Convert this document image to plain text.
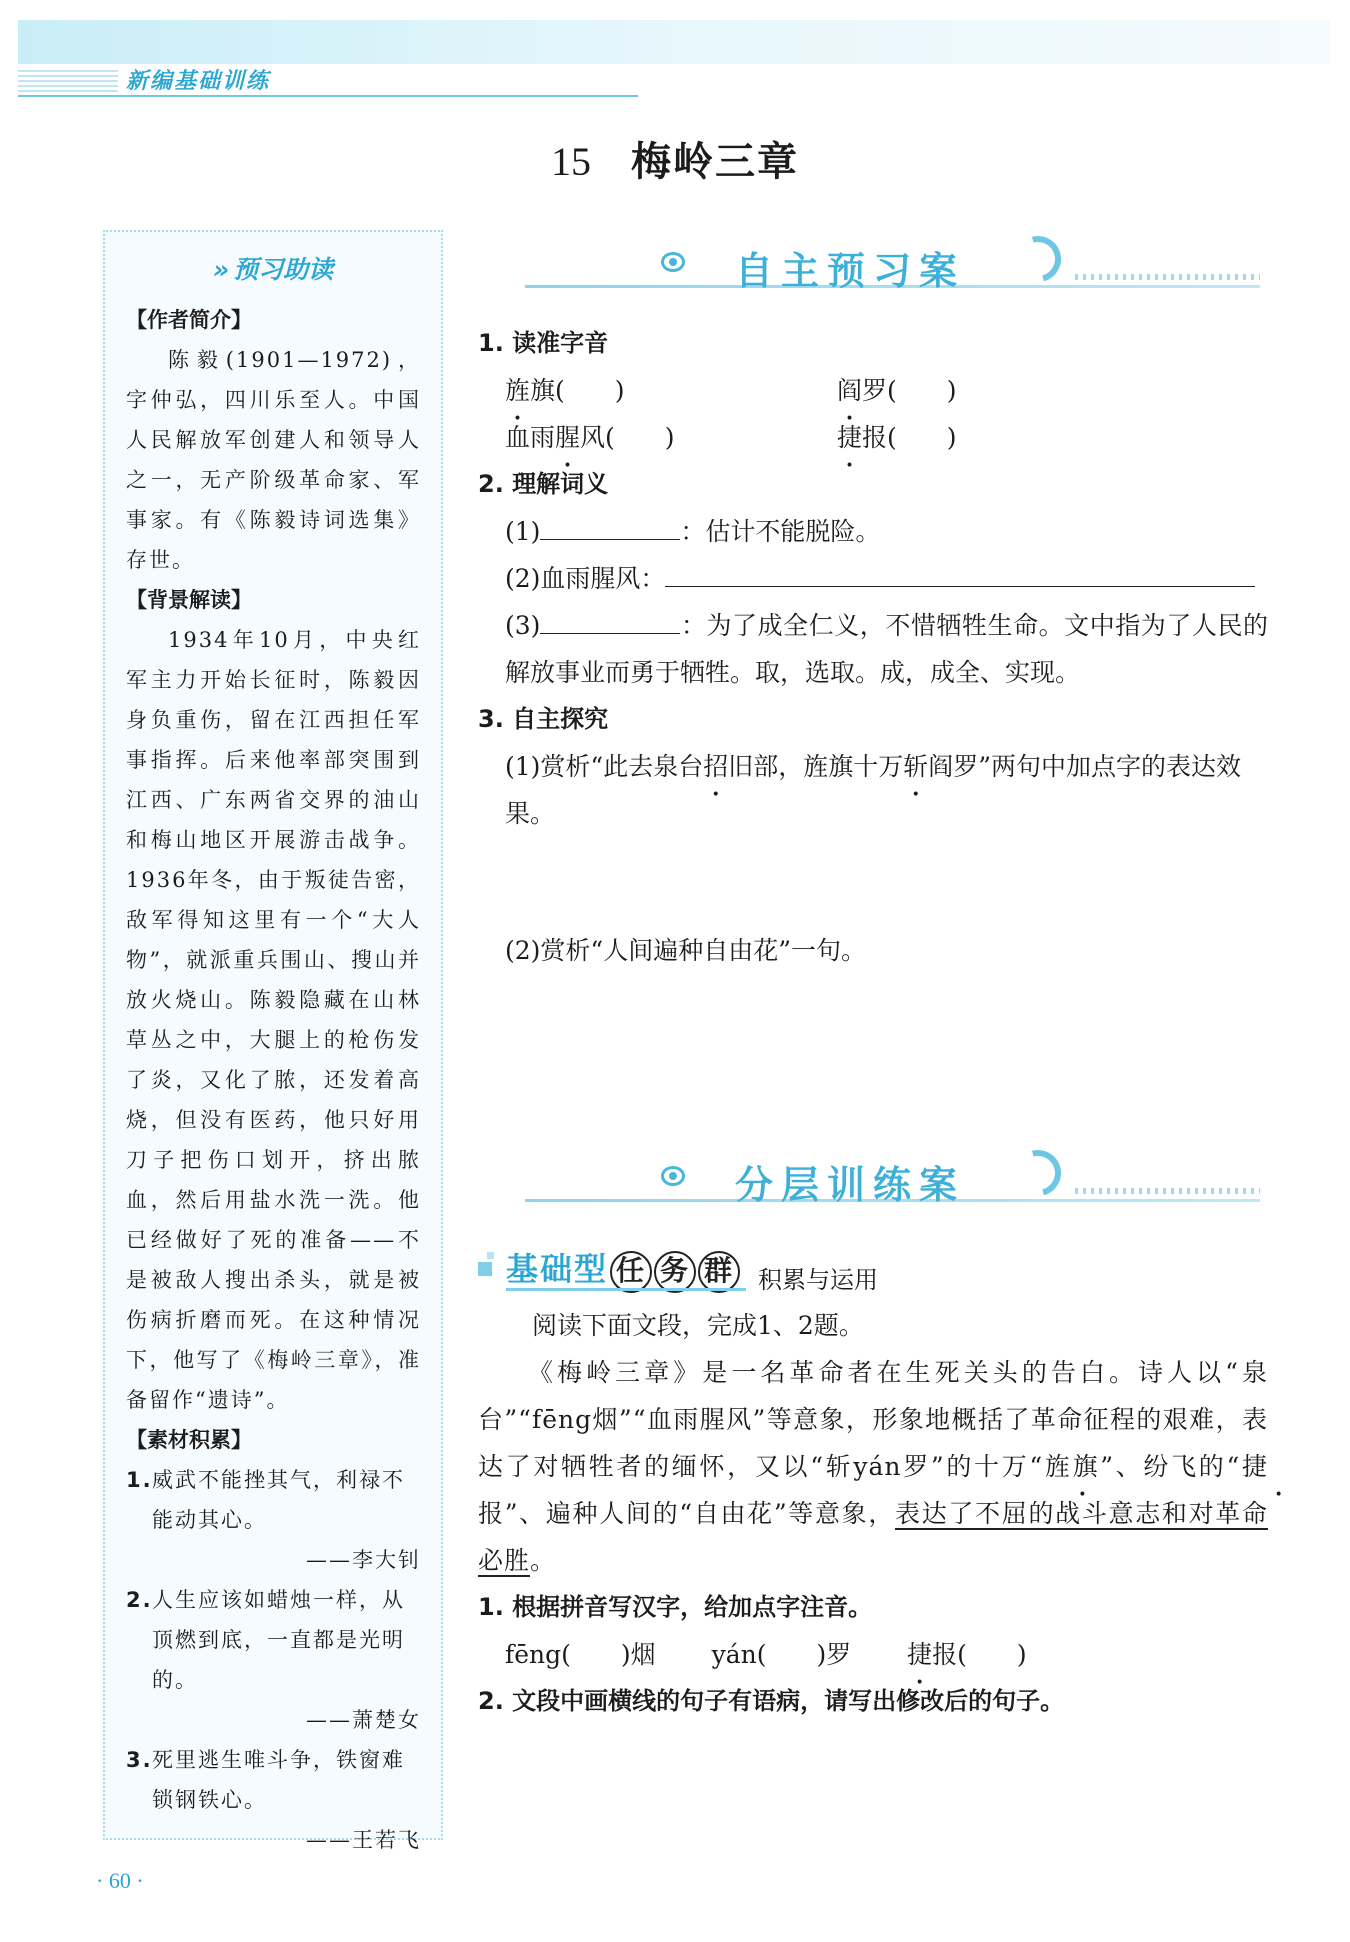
新编基础训练
15 梅岭三章
» 预习助读
【作者简介】

陈毅(1901—1972)，字仲弘，四川乐至人。中国人民解放军创建人和领导人之一，无产阶级革命家、军事家。有《陈毅诗词选集》存世。

【背景解读】

1934年10月，中央红军主力开始长征时，陈毅因身负重伤，留在江西担任军事指挥。后来他率部突围到江西、广东两省交界的油山和梅山地区开展游击战争。1936年冬，由于叛徒告密，敌军得知这里有一个“大人物”，就派重兵围山、搜山并放火烧山。陈毅隐藏在山林草丛之中，大腿上的枪伤发了炎，又化了脓，还发着高烧，但没有医药，他只好用刀子把伤口划开，挤出脓血，然后用盐水洗一洗。他已经做好了死的准备——不是被敌人搜出杀头，就是被伤病折磨而死。在这种情况下，他写了《梅岭三章》，准备留作“遗诗”。

【素材积累】
1. 威武不能挫其气，利禄不能动其心。
——李大钊
2. 人生应该如蜡烛一样，从顶燃到底，一直都是光明的。
——萧楚女
3. 死里逃生唯斗争，铁窗难锁钢铁心。
——王若飞
自主预习案
1. 读准字音
旌旗(　　)	阎罗(　　)
血雨腥风(　　)	捷报(　　)
2. 理解词义
(1)	：估计不能脱险。
(2)血雨腥风：
(3)	：为了成全仁义，不惜牺牲生命。文中指为了人民的解放事业而勇于牺牲。取，选取。成，成全、实现。
3. 自主探究
(1)赏析“此去泉台招旧部，旌旗十万斩阎罗”两句中加点字的表达效果。
(2)赏析“人间遍种自由花”一句。
分层训练案
基础型 任 务 群 积累与运用
阅读下面文段，完成1、2题。
《梅岭三章》是一名革命者在生死关头的告白。诗人以“泉台”“fēng烟”“血雨腥风”等意象，形象地概括了革命征程的艰难，表达了对牺牲者的缅怀，又以“斩yán罗”的十万“旌旗”、纷飞的“捷报”、遍种人间的“自由花”等意象，表达了不屈的战斗意志和对革命必胜。
1. 根据拼音写汉字，给加点字注音。
fēng(　　)烟 yán(　　)罗 捷报(　　)
2. 文段中画横线的句子有语病，请写出修改后的句子。
· 60 ·
